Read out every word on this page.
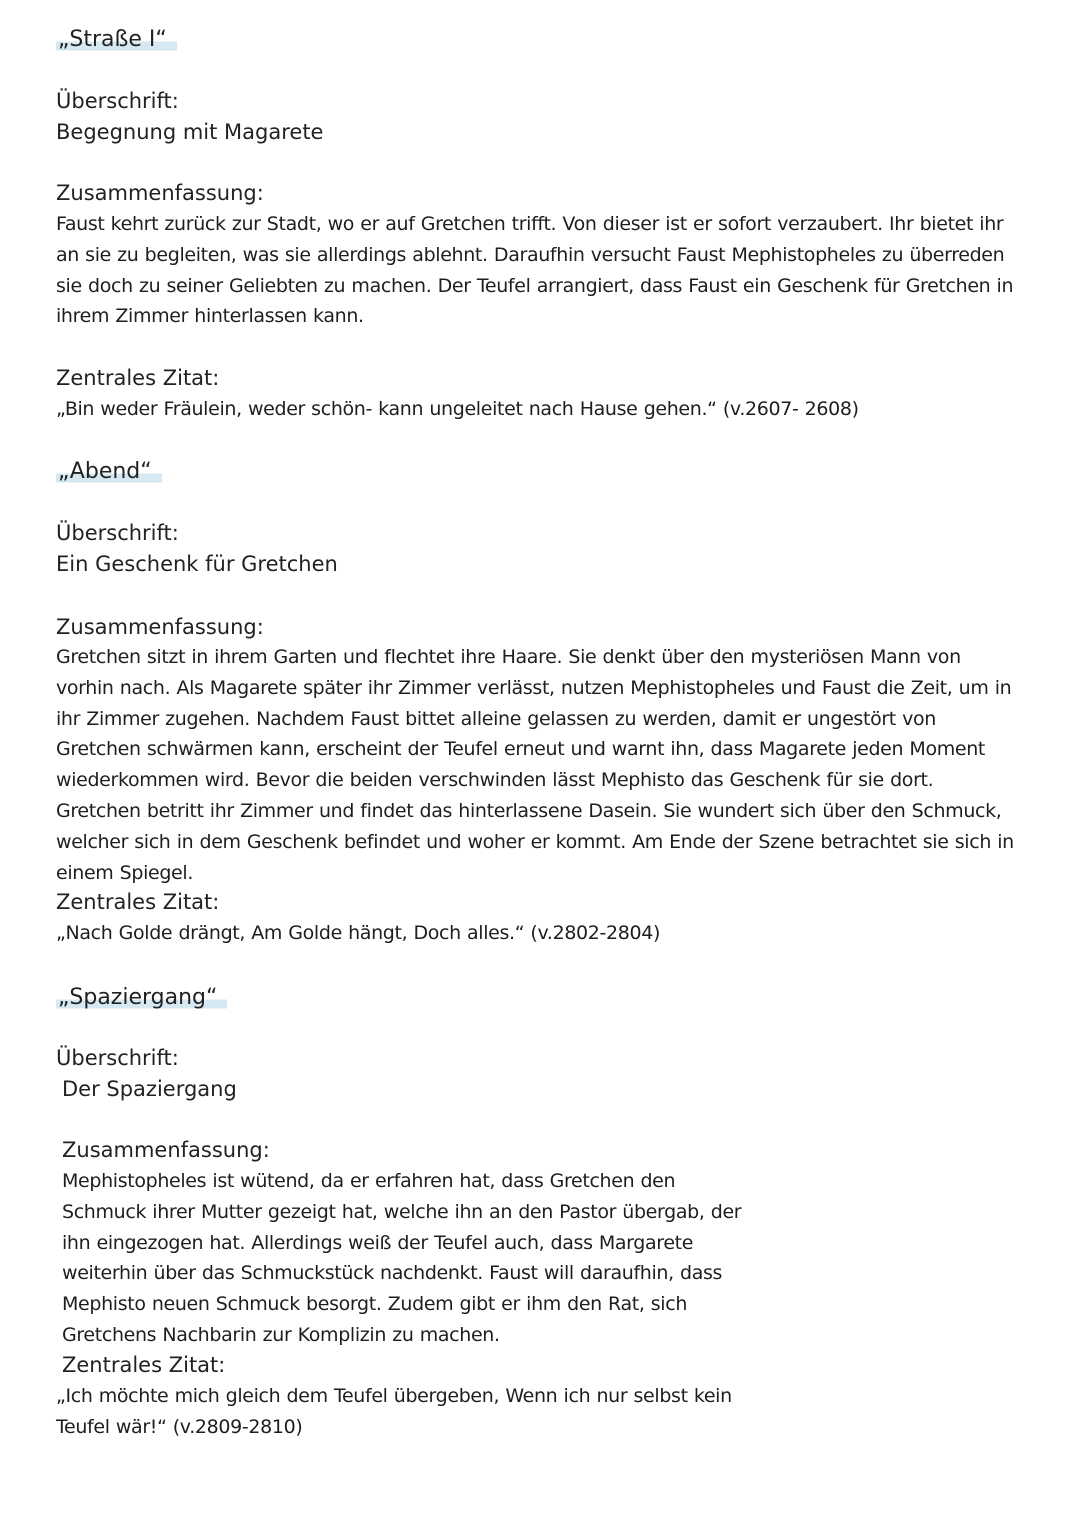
„Straße I“
Überschrift:
Begegnung mit Magarete
Zusammenfassung:
Faust kehrt zurück zur Stadt, wo er auf Gretchen trifft. Von dieser ist er sofort verzaubert. Ihr bietet ihr an sie zu begleiten, was sie allerdings ablehnt. Daraufhin versucht Faust Mephistopheles zu überreden sie doch zu seiner Geliebten zu machen. Der Teufel arrangiert, dass Faust ein Geschenk für Gretchen in ihrem Zimmer hinterlassen kann.
Zentrales Zitat:
„Bin weder Fräulein, weder schön- kann ungeleitet nach Hause gehen.“ (v.2607- 2608)
„Abend“
Überschrift:
Ein Geschenk für Gretchen
Zusammenfassung:
Gretchen sitzt in ihrem Garten und flechtet ihre Haare. Sie denkt über den mysteriösen Mann von vorhin nach. Als Magarete später ihr Zimmer verlässt, nutzen Mephistopheles und Faust die Zeit, um in ihr Zimmer zugehen. Nachdem Faust bittet alleine gelassen zu werden, damit er ungestört von Gretchen schwärmen kann, erscheint der Teufel erneut und warnt ihn, dass Magarete jeden Moment wiederkommen wird. Bevor die beiden verschwinden lässt Mephisto das Geschenk für sie dort. Gretchen betritt ihr Zimmer und findet das hinterlassene Dasein. Sie wundert sich über den Schmuck, welcher sich in dem Geschenk befindet und woher er kommt. Am Ende der Szene betrachtet sie sich in einem Spiegel.
Zentrales Zitat:
„Nach Golde drängt, Am Golde hängt, Doch alles.“ (v.2802-2804)
„Spaziergang“
Überschrift:
Der Spaziergang
Zusammenfassung:
Mephistopheles ist wütend, da er erfahren hat, dass Gretchen den Schmuck ihrer Mutter gezeigt hat, welche ihn an den Pastor übergab, der ihn eingezogen hat. Allerdings weiß der Teufel auch, dass Margarete weiterhin über das Schmuckstück nachdenkt. Faust will daraufhin, dass Mephisto neuen Schmuck besorgt. Zudem gibt er ihm den Rat, sich Gretchens Nachbarin zur Komplizin zu machen.
Zentrales Zitat:
„Ich möchte mich gleich dem Teufel übergeben, Wenn ich nur selbst kein Teufel wär!“ (v.2809-2810)
